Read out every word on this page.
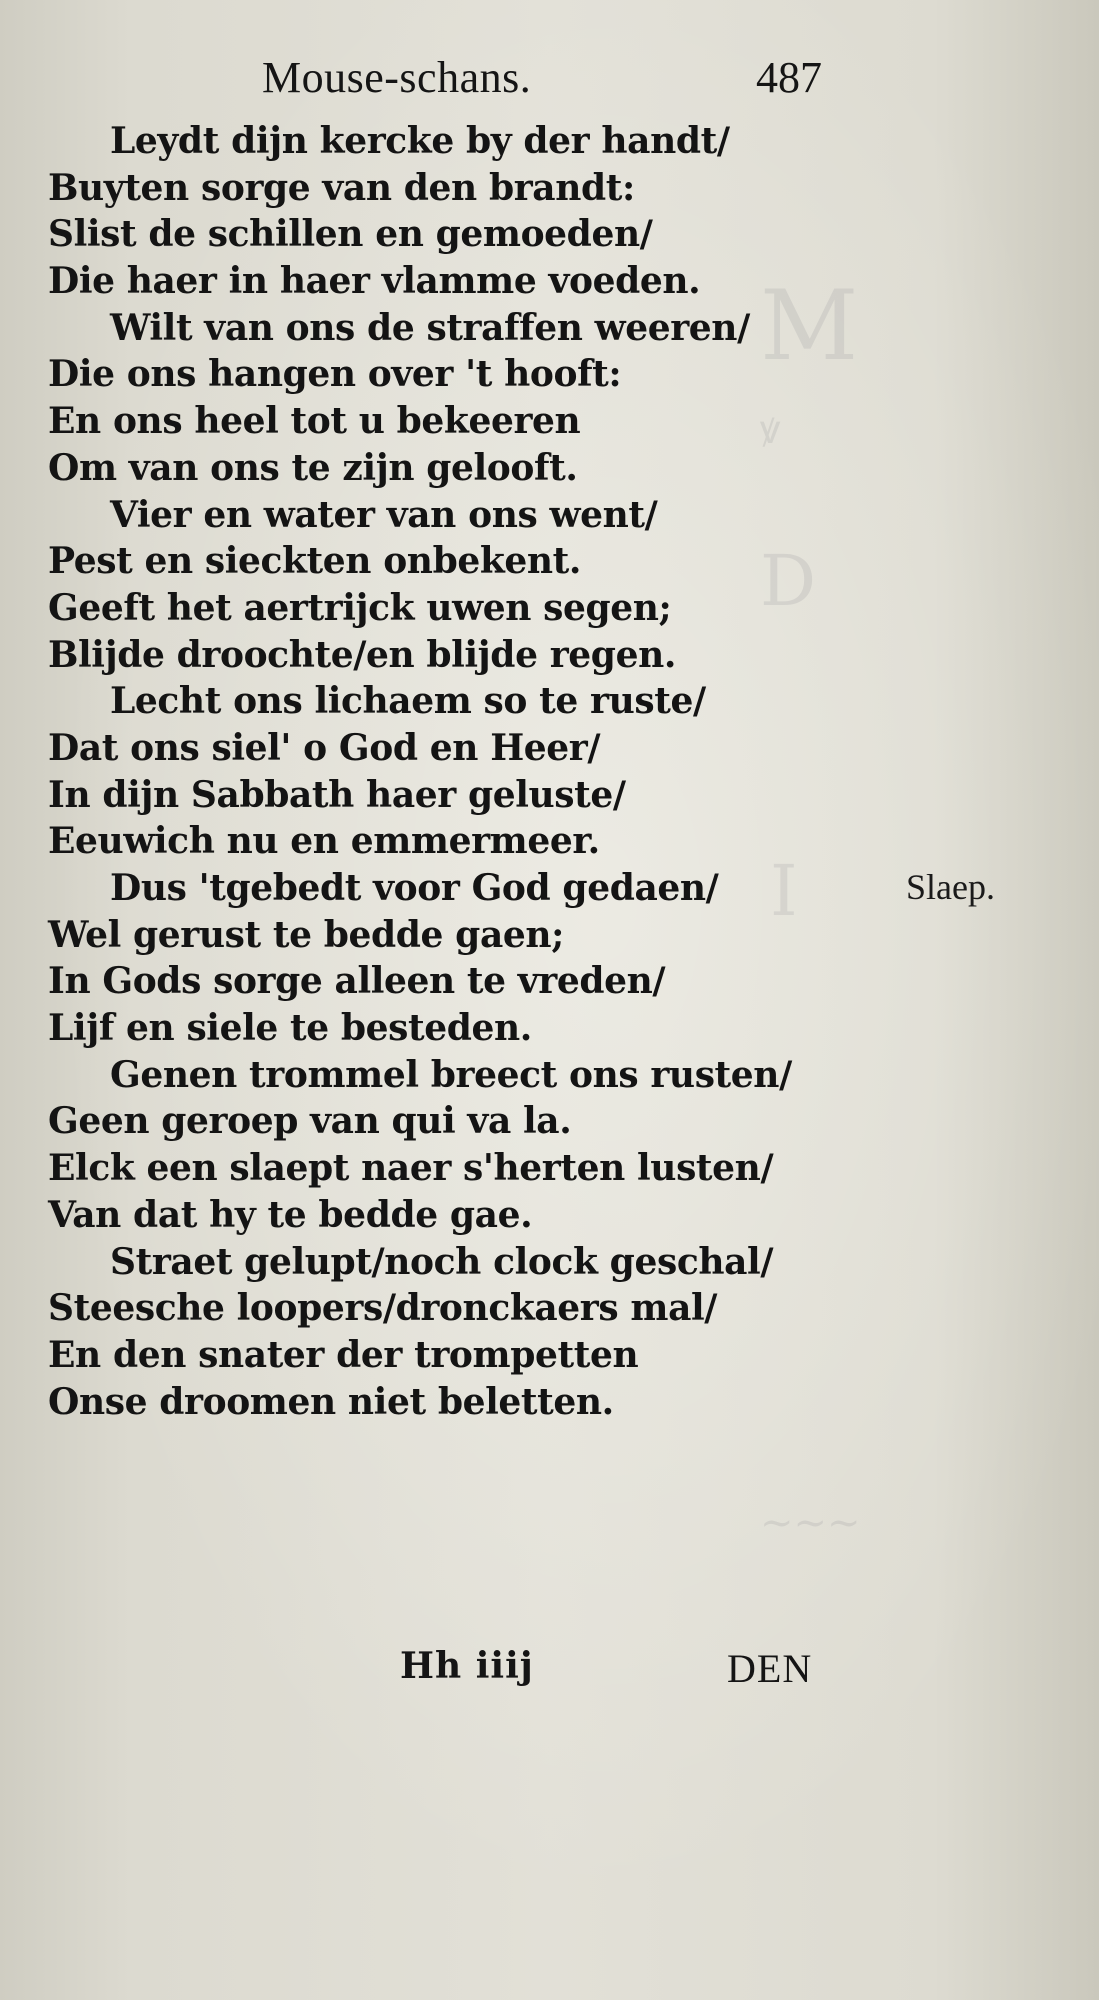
M
ꝟ
D
I
~~~
Mouse-schans.	487
Leydt dijn kercke by der handt/
Buyten sorge van den brandt:
Slist de schillen en gemoeden/
Die haer in haer vlamme voeden.
Wilt van ons de straffen weeren/
Die ons hangen over 't hooft:
En ons heel tot u bekeeren
Om van ons te zijn gelooft.
Vier en water van ons went/
Pest en sieckten onbekent.
Geeft het aertrijck uwen segen;
Blijde droochte/en blijde regen.
Lecht ons lichaem so te ruste/
Dat ons siel' o God en Heer/
In dijn Sabbath haer geluste/
Eeuwich nu en emmermeer.
Dus 'tgebedt voor God gedaen/
Wel gerust te bedde gaen;
In Gods sorge alleen te vreden/
Lijf en siele te besteden.
Genen trommel breect ons rusten/
Geen geroep van qui va la.
Elck een slaept naer s'herten lusten/
Van dat hy te bedde gae.
Straet gelupt/noch clock geschal/
Steesche loopers/dronckaers mal/
En den snater der trompetten
Onse droomen niet beletten.
Slaep.
Hh iiij	DEN
